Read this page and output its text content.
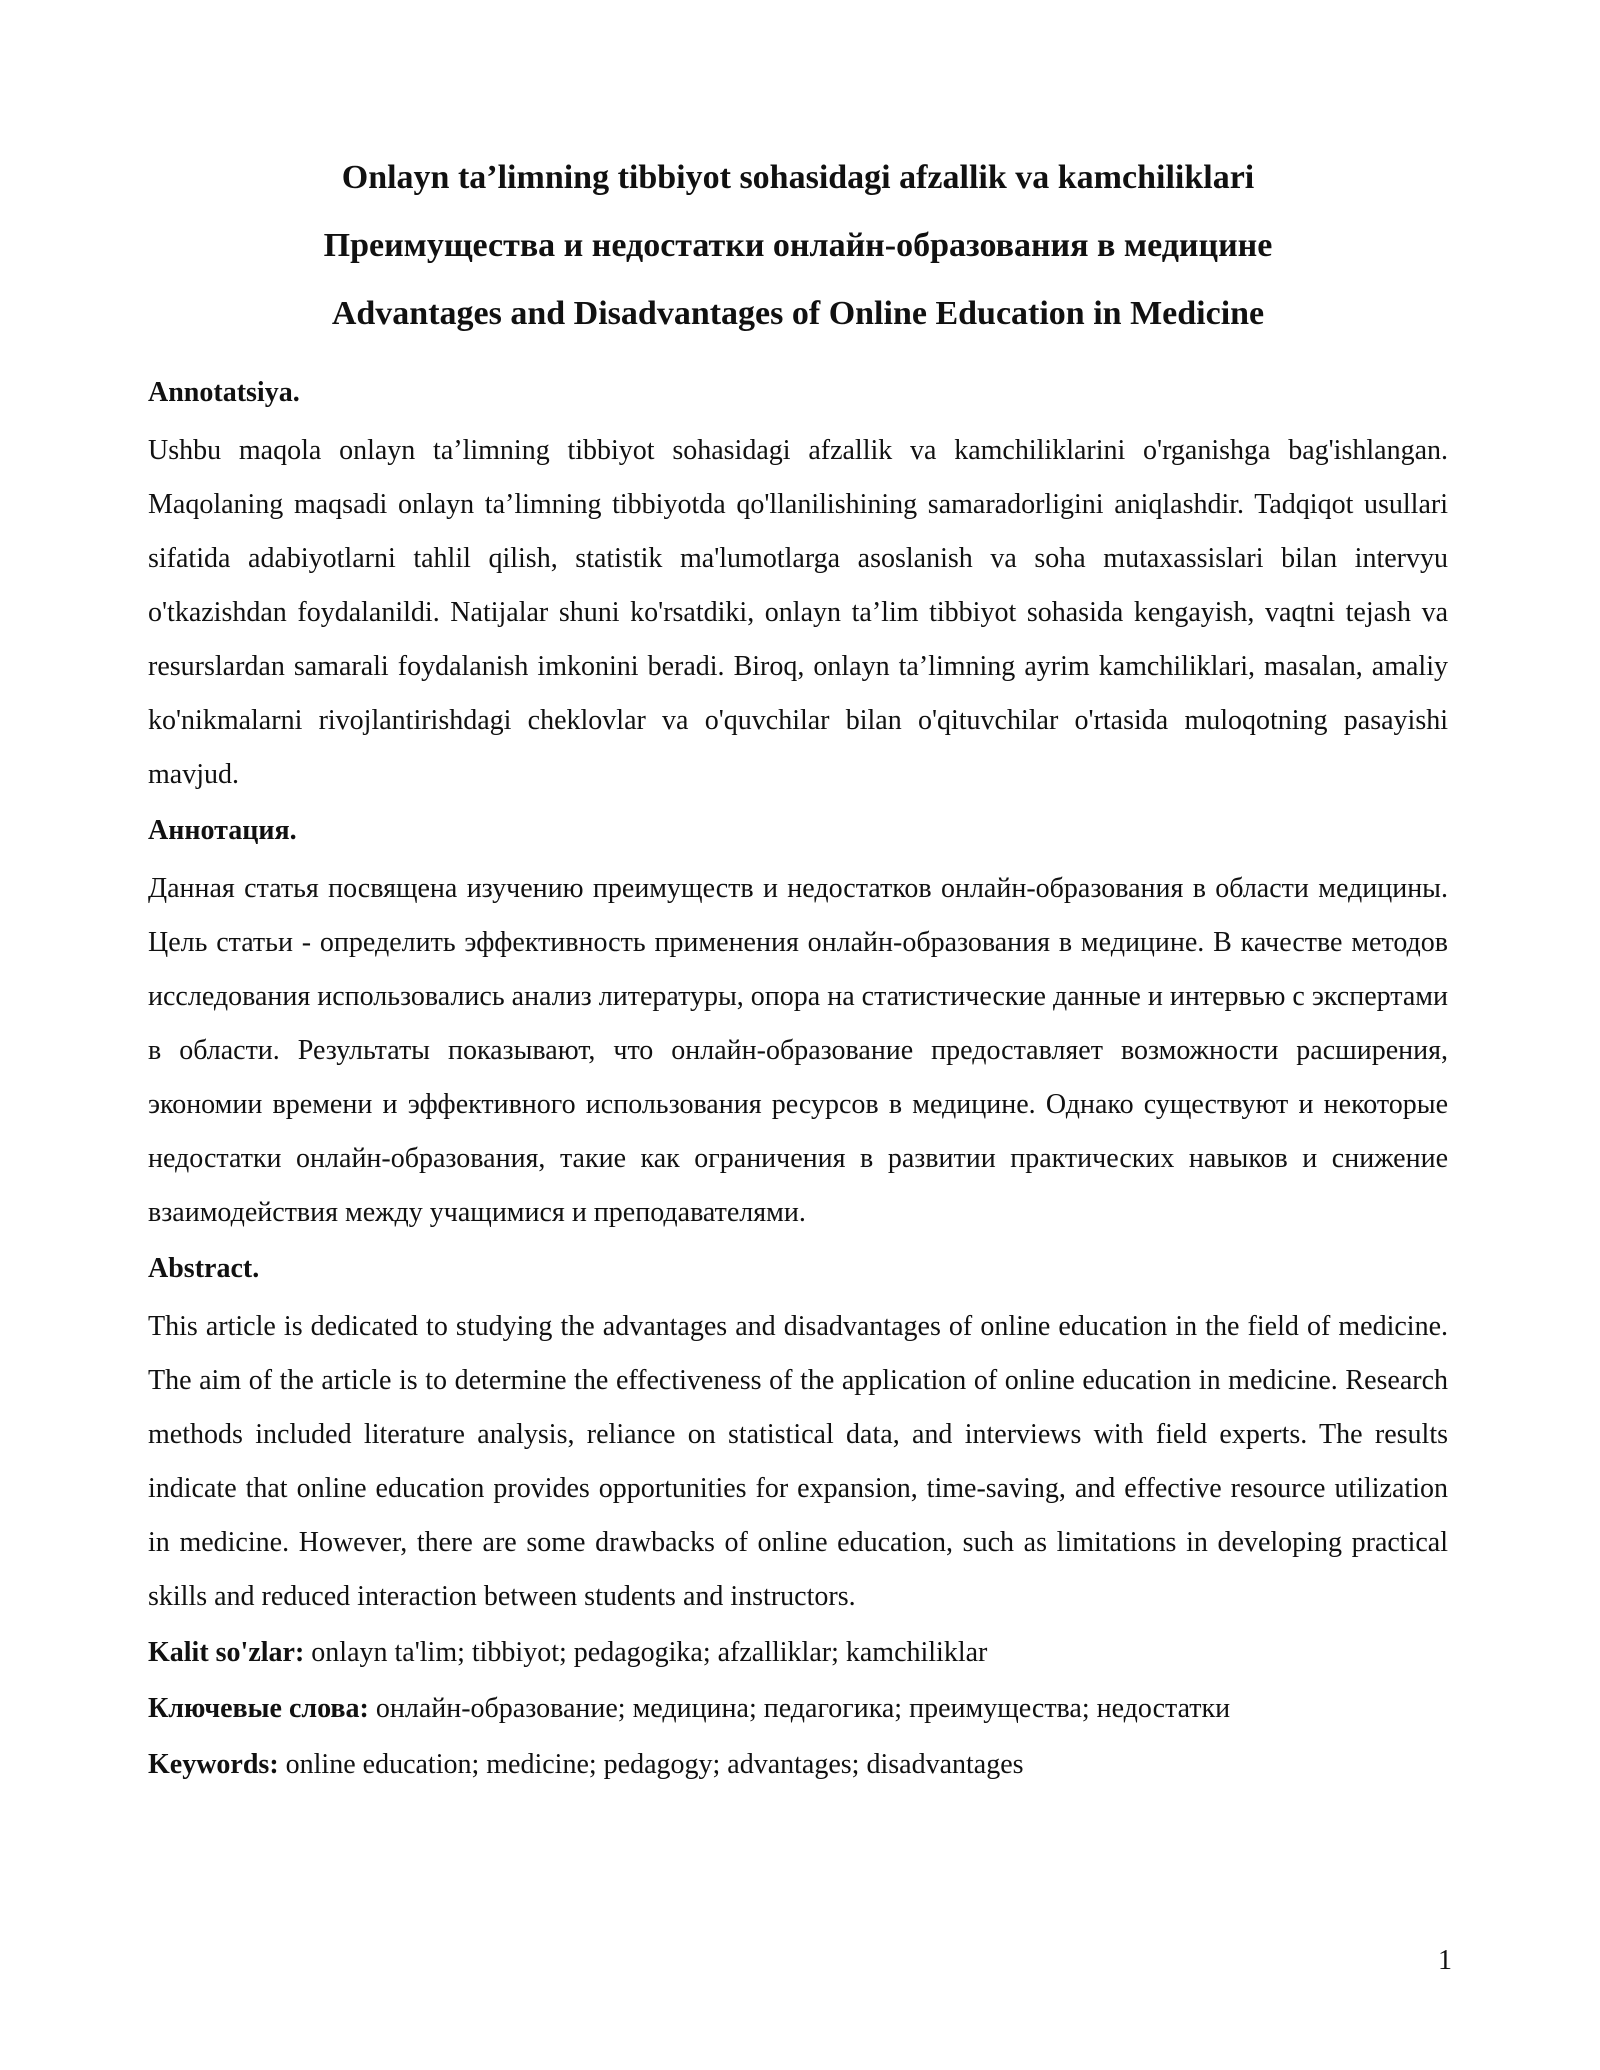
Onlayn ta’limning tibbiyot sohasidagi afzallik va kamchiliklari

Преимущества и недостатки онлайн-образования в медицине

Advantages and Disadvantages of Online Education in Medicine

Annotatsiya.

Ushbu maqola onlayn ta’limning tibbiyot sohasidagi afzallik va kamchiliklarini o'rganishga bag'ishlangan. Maqolaning maqsadi onlayn ta’limning tibbiyotda qo'llanilishining samaradorligini aniqlashdir. Tadqiqot usullari sifatida adabiyotlarni tahlil qilish, statistik ma'lumotlarga asoslanish va soha mutaxassislari bilan intervyu o'tkazishdan foydalanildi. Natijalar shuni ko'rsatdiki, onlayn ta’lim tibbiyot sohasida kengayish, vaqtni tejash va resurslardan samarali foydalanish imkonini beradi. Biroq, onlayn ta’limning ayrim kamchiliklari, masalan, amaliy ko'nikmalarni rivojlantirishdagi cheklovlar va o'quvchilar bilan o'qituvchilar o'rtasida muloqotning pasayishi mavjud.

Аннотация.

Данная статья посвящена изучению преимуществ и недостатков онлайн-образования в области медицины. Цель статьи - определить эффективность применения онлайн-образования в медицине. В качестве методов исследования использовались анализ литературы, опора на статистические данные и интервью с экспертами в области. Результаты показывают, что онлайн-образование предоставляет возможности расширения, экономии времени и эффективного использования ресурсов в медицине. Однако существуют и некоторые недостатки онлайн-образования, такие как ограничения в развитии практических навыков и снижение взаимодействия между учащимися и преподавателями.

Abstract.

This article is dedicated to studying the advantages and disadvantages of online education in the field of medicine. The aim of the article is to determine the effectiveness of the application of online education in medicine. Research methods included literature analysis, reliance on statistical data, and interviews with field experts. The results indicate that online education provides opportunities for expansion, time-saving, and effective resource utilization in medicine. However, there are some drawbacks of online education, such as limitations in developing practical skills and reduced interaction between students and instructors.

Kalit so'zlar: onlayn ta'lim; tibbiyot; pedagogika; afzalliklar; kamchiliklar

Ключевые слова: онлайн-образование; медицина; педагогика; преимущества; недостатки

Keywords: online education; medicine; pedagogy; advantages; disadvantages

1
